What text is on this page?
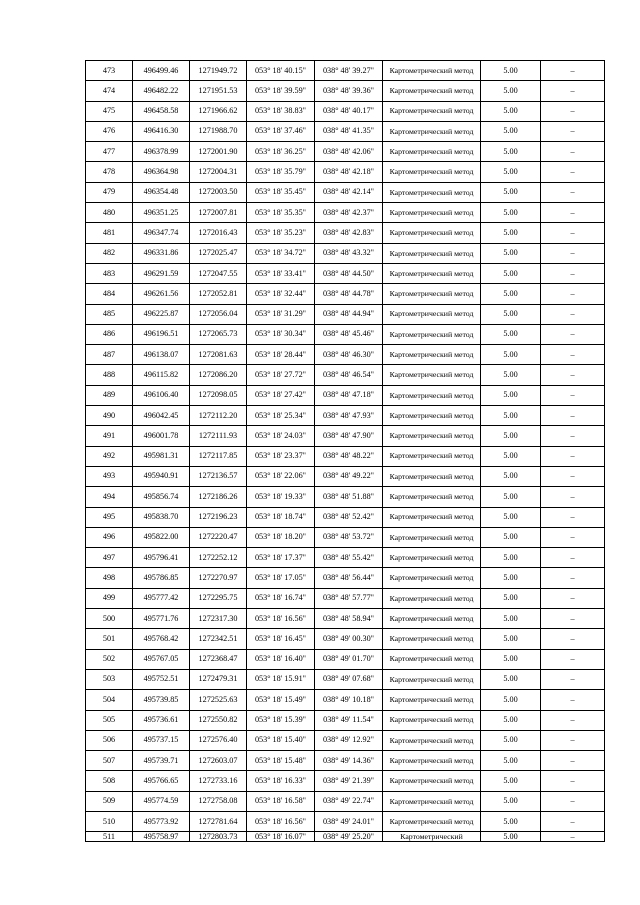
473	496499.46	1271949.72	053° 18' 40.15"	038° 48' 39.27"	Картометрический метод	5.00	–
474	496482.22	1271951.53	053° 18' 39.59"	038° 48' 39.36"	Картометрический метод	5.00	–
475	496458.58	1271966.62	053° 18' 38.83"	038° 48' 40.17"	Картометрический метод	5.00	–
476	496416.30	1271988.70	053° 18' 37.46"	038° 48' 41.35"	Картометрический метод	5.00	–
477	496378.99	1272001.90	053° 18' 36.25"	038° 48' 42.06"	Картометрический метод	5.00	–
478	496364.98	1272004.31	053° 18' 35.79"	038° 48' 42.18"	Картометрический метод	5.00	–
479	496354.48	1272003.50	053° 18' 35.45"	038° 48' 42.14"	Картометрический метод	5.00	–
480	496351.25	1272007.81	053° 18' 35.35"	038° 48' 42.37"	Картометрический метод	5.00	–
481	496347.74	1272016.43	053° 18' 35.23"	038° 48' 42.83"	Картометрический метод	5.00	–
482	496331.86	1272025.47	053° 18' 34.72"	038° 48' 43.32"	Картометрический метод	5.00	–
483	496291.59	1272047.55	053° 18' 33.41"	038° 48' 44.50"	Картометрический метод	5.00	–
484	496261.56	1272052.81	053° 18' 32.44"	038° 48' 44.78"	Картометрический метод	5.00	–
485	496225.87	1272056.04	053° 18' 31.29"	038° 48' 44.94"	Картометрический метод	5.00	–
486	496196.51	1272065.73	053° 18' 30.34"	038° 48' 45.46"	Картометрический метод	5.00	–
487	496138.07	1272081.63	053° 18' 28.44"	038° 48' 46.30"	Картометрический метод	5.00	–
488	496115.82	1272086.20	053° 18' 27.72"	038° 48' 46.54"	Картометрический метод	5.00	–
489	496106.40	1272098.05	053° 18' 27.42"	038° 48' 47.18"	Картометрический метод	5.00	–
490	496042.45	1272112.20	053° 18' 25.34"	038° 48' 47.93"	Картометрический метод	5.00	–
491	496001.78	1272111.93	053° 18' 24.03"	038° 48' 47.90"	Картометрический метод	5.00	–
492	495981.31	1272117.85	053° 18' 23.37"	038° 48' 48.22"	Картометрический метод	5.00	–
493	495940.91	1272136.57	053° 18' 22.06"	038° 48' 49.22"	Картометрический метод	5.00	–
494	495856.74	1272186.26	053° 18' 19.33"	038° 48' 51.88"	Картометрический метод	5.00	–
495	495838.70	1272196.23	053° 18' 18.74"	038° 48' 52.42"	Картометрический метод	5.00	–
496	495822.00	1272220.47	053° 18' 18.20"	038° 48' 53.72"	Картометрический метод	5.00	–
497	495796.41	1272252.12	053° 18' 17.37"	038° 48' 55.42"	Картометрический метод	5.00	–
498	495786.85	1272270.97	053° 18' 17.05"	038° 48' 56.44"	Картометрический метод	5.00	–
499	495777.42	1272295.75	053° 18' 16.74"	038° 48' 57.77"	Картометрический метод	5.00	–
500	495771.76	1272317.30	053° 18' 16.56"	038° 48' 58.94"	Картометрический метод	5.00	–
501	495768.42	1272342.51	053° 18' 16.45"	038° 49' 00.30"	Картометрический метод	5.00	–
502	495767.05	1272368.47	053° 18' 16.40"	038° 49' 01.70"	Картометрический метод	5.00	–
503	495752.51	1272479.31	053° 18' 15.91"	038° 49' 07.68"	Картометрический метод	5.00	–
504	495739.85	1272525.63	053° 18' 15.49"	038° 49' 10.18"	Картометрический метод	5.00	–
505	495736.61	1272550.82	053° 18' 15.39"	038° 49' 11.54"	Картометрический метод	5.00	–
506	495737.15	1272576.40	053° 18' 15.40"	038° 49' 12.92"	Картометрический метод	5.00	–
507	495739.71	1272603.07	053° 18' 15.48"	038° 49' 14.36"	Картометрический метод	5.00	–
508	495766.65	1272733.16	053° 18' 16.33"	038° 49' 21.39"	Картометрический метод	5.00	–
509	495774.59	1272758.08	053° 18' 16.58"	038° 49' 22.74"	Картометрический метод	5.00	–
510	495773.92	1272781.64	053° 18' 16.56"	038° 49' 24.01"	Картометрический метод	5.00	–
511	495758.97	1272803.73	053° 18' 16.07"	038° 49' 25.20"	Картометрический	5.00	–
